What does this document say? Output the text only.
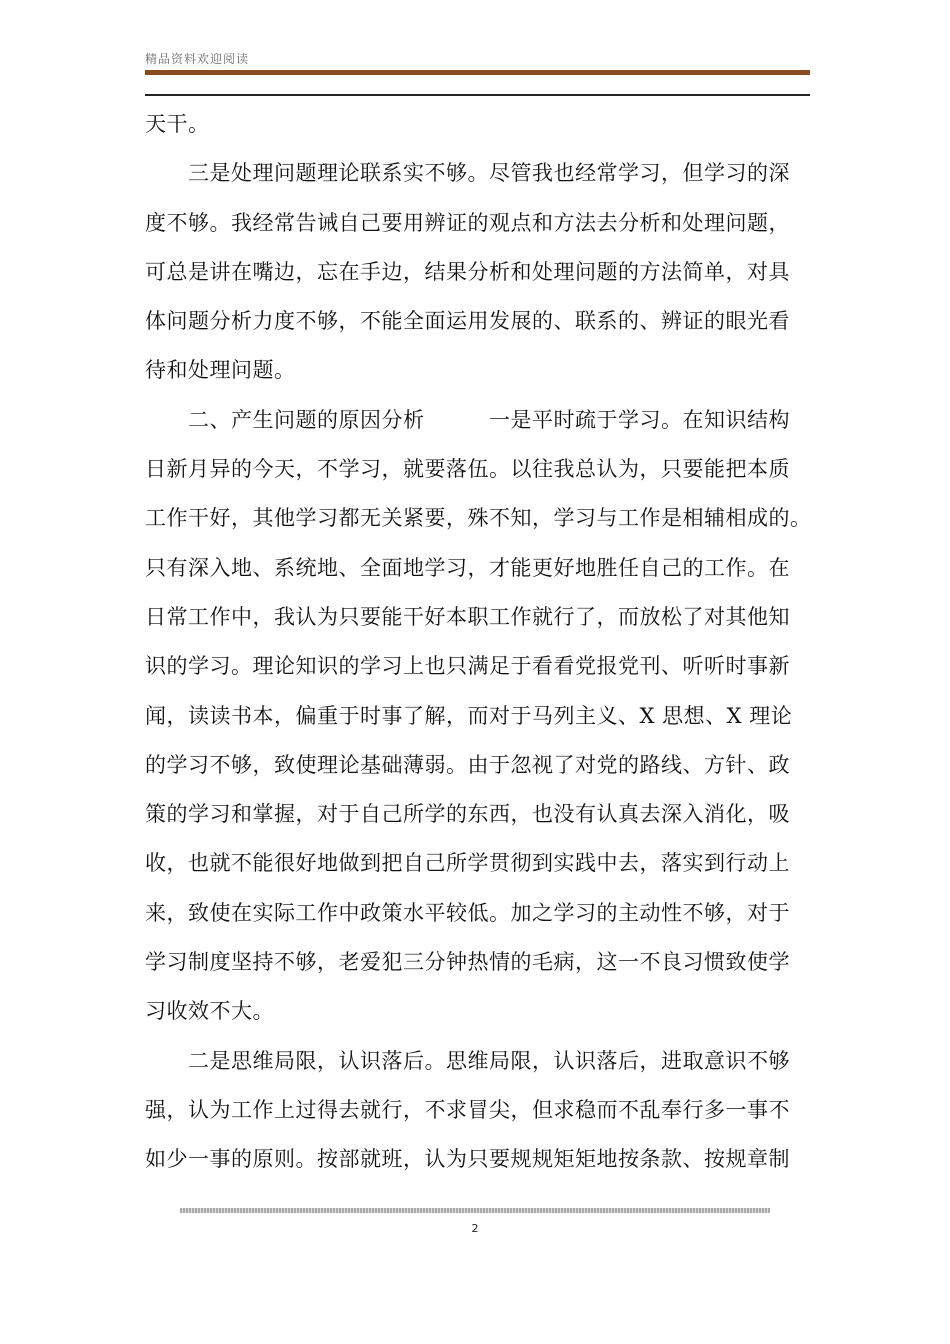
精品资料欢迎阅读
天干。
　　三是处理问题理论联系实不够。尽管我也经常学习，但学习的深
度不够。我经常告诫自己要用辨证的观点和方法去分析和处理问题，
可总是讲在嘴边，忘在手边，结果分析和处理问题的方法简单，对具
体问题分析力度不够，不能全面运用发展的、联系的、辨证的眼光看
待和处理问题。
　　二、产生问题的原因分析　　　一是平时疏于学习。在知识结构
日新月异的今天，不学习，就要落伍。以往我总认为，只要能把本质
工作干好，其他学习都无关紧要，殊不知，学习与工作是相辅相成的。
只有深入地、系统地、全面地学习，才能更好地胜任自己的工作。在
日常工作中，我认为只要能干好本职工作就行了，而放松了对其他知
识的学习。理论知识的学习上也只满足于看看党报党刊、听听时事新
闻，读读书本，偏重于时事了解，而对于马列主义、X 思想、X 理论
的学习不够，致使理论基础薄弱。由于忽视了对党的路线、方针、政
策的学习和掌握，对于自己所学的东西，也没有认真去深入消化，吸
收，也就不能很好地做到把自己所学贯彻到实践中去，落实到行动上
来，致使在实际工作中政策水平较低。加之学习的主动性不够，对于
学习制度坚持不够，老爱犯三分钟热情的毛病，这一不良习惯致使学
习收效不大。
　　二是思维局限，认识落后。思维局限，认识落后，进取意识不够
强，认为工作上过得去就行，不求冒尖，但求稳而不乱奉行多一事不
如少一事的原则。按部就班，认为只要规规矩矩地按条款、按规章制
2
